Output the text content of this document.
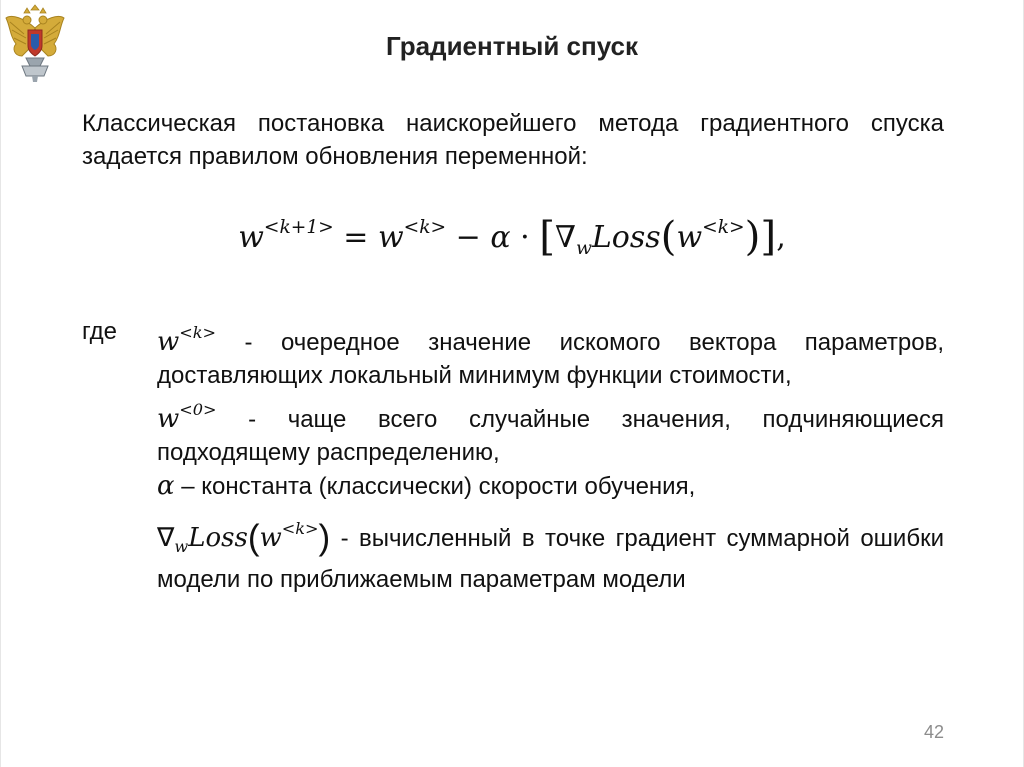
Градиентный спуск
Классическая постановка наискорейшего метода градиентного спуска задается правилом обновления переменной:
$w^{<k+1>} = w^{<k>} - \alpha$ · $[\nabla_wLoss(w^{<k>})]$,
где $w^{<k>}$ - очередное значение искомого вектора параметров, доставляющих локальный минимум функции стоимости,
$w^{<0>}$ - чаще всего случайные значения, подчиняющиеся подходящему распределению,
α – константа (классически) скорости обучения,
$\nabla_wLoss(w^{<k>})$ - вычисленный в точке градиент суммарной ошибки модели по приближаемым параметрам модели
42
